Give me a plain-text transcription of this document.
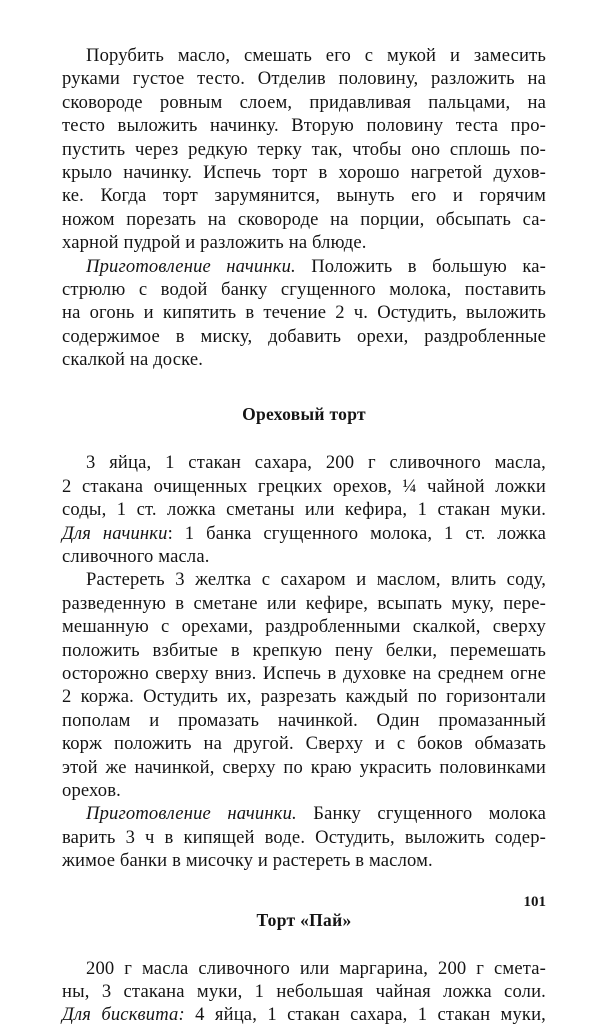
Порубить масло, смешать его с мукой и замесить
руками густое тесто. Отделив половину, разложить на
сковороде ровным слоем, придавливая пальцами, на
тесто выложить начинку. Вторую половину теста про-
пустить через редкую терку так, чтобы оно сплошь по-
крыло начинку. Испечь торт в хорошо нагретой духов-
ке. Когда торт зарумянится, вынуть его и горячим
ножом порезать на сковороде на порции, обсыпать са-
харной пудрой и разложить на блюде.
Приготовление начинки. Положить в большую ка-
стрюлю с водой банку сгущенного молока, поставить
на огонь и кипятить в течение 2 ч. Остудить, выложить
содержимое в миску, добавить орехи, раздробленные
скалкой на доске.
Ореховый торт
3 яйца, 1 стакан сахара, 200 г сливочного масла,
2 стакана очищенных грецких орехов, ¼ чайной ложки
соды, 1 ст. ложка сметаны или кефира, 1 стакан муки.
Для начинки: 1 банка сгущенного молока, 1 ст. ложка
сливочного масла.
Растереть 3 желтка с сахаром и маслом, влить соду,
разведенную в сметане или кефире, всыпать муку, пере-
мешанную с орехами, раздробленными скалкой, сверху
положить взбитые в крепкую пену белки, перемешать
осторожно сверху вниз. Испечь в духовке на среднем огне
2 коржа. Остудить их, разрезать каждый по горизонтали
пополам и промазать начинкой. Один промазанный
корж положить на другой. Сверху и с боков обмазать
этой же начинкой, сверху по краю украсить половинками
орехов.
Приготовление начинки. Банку сгущенного молока
варить 3 ч в кипящей воде. Остудить, выложить содер-
жимое банки в мисочку и растереть в маслом.
Торт «Пай»
200 г масла сливочного или маргарина, 200 г смета-
ны, 3 стакана муки, 1 небольшая чайная ложка соли.
Для бисквита: 4 яйца, 1 стакан сахара, 1 стакан муки,
101
